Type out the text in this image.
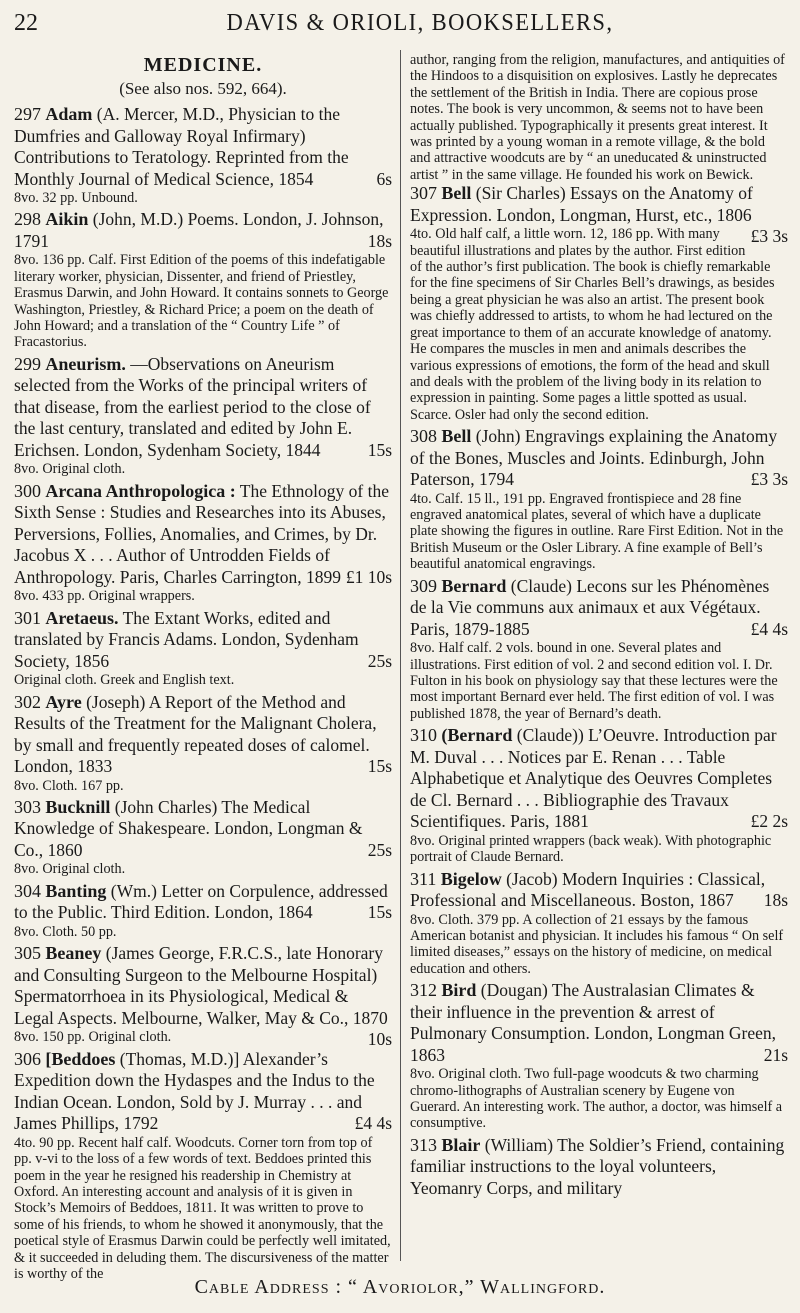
22	DAVIS & ORIOLI, BOOKSELLERS,

MEDICINE.

(See also nos. 592, 664).

297 Adam (A. Mercer, M.D., Physician to the Dumfries and Galloway Royal Infirmary) Contributions to Teratology. Reprinted from the Monthly Journal of Medical Science, 1854	6s

8vo. 32 pp. Unbound.

298 Aikin (John, M.D.) Poems. London, J. Johnson, 1791	18s

8vo. 136 pp. Calf. First Edition of the poems of this indefatigable literary worker, physician, Dissenter, and friend of Priestley, Erasmus Darwin, and John Howard. It contains sonnets to George Washington, Priestley, & Richard Price; a poem on the death of John Howard; and a translation of the “ Country Life ” of Fracastorius.

299 Aneurism. —Observations on Aneurism selected from the Works of the principal writers of that disease, from the earliest period to the close of the last century, translated and edited by John E. Erichsen. London, Sydenham Society, 1844	15s

8vo. Original cloth.

300 Arcana Anthropologica : The Ethnology of the Sixth Sense : Studies and Researches into its Abuses, Perversions, Follies, Anomalies, and Crimes, by Dr. Jacobus X . . . Author of Untrodden Fields of Anthropology. Paris, Charles Carrington, 1899 £1 10s

8vo. 433 pp. Original wrappers.

301 Aretaeus. The Extant Works, edited and translated by Francis Adams. London, Sydenham Society, 1856	25s

Original cloth. Greek and English text.

302 Ayre (Joseph) A Report of the Method and Results of the Treatment for the Malignant Cholera, by small and frequently repeated doses of calomel. London, 1833	15s

8vo. Cloth. 167 pp.

303 Bucknill (John Charles) The Medical Knowledge of Shakespeare. London, Longman & Co., 1860	25s

8vo. Original cloth.

304 Banting (Wm.) Letter on Corpulence, addressed to the Public. Third Edition. London, 1864	15s

8vo. Cloth. 50 pp.

305 Beaney (James George, F.R.C.S., late Honorary and Consulting Surgeon to the Melbourne Hospital) Spermatorrhoea in its Physiological, Medical & Legal Aspects. Melbourne, Walker, May & Co., 1870
10s

8vo. 150 pp. Original cloth.

306 [Beddoes (Thomas, M.D.)] Alexander’s Expedition down the Hydaspes and the Indus to the Indian Ocean. London, Sold by J. Murray . . . and James Phillips, 1792	£4 4s

4to. 90 pp. Recent half calf. Woodcuts. Corner torn from top of pp. v-vi to the loss of a few words of text. Beddoes printed this poem in the year he resigned his readership in Chemistry at Oxford. An interesting account and analysis of it is given in Stock’s Memoirs of Beddoes, 1811. It was written to prove to some of his friends, to whom he showed it anonymously, that the poetical style of Erasmus Darwin could be perfectly well imitated, & it succeeded in deluding them. The discursiveness of the matter is worthy of the

author, ranging from the religion, manufactures, and antiquities of the Hindoos to a disquisition on explosives. Lastly he deprecates the settlement of the British in India. There are copious prose notes. The book is very uncommon, & seems not to have been actually published. Typographically it presents great interest. It was printed by a young woman in a remote village, & the bold and attractive woodcuts are by “ an uneducated & uninstructed artist ” in the same village. He founded his work on Bewick.

307 Bell (Sir Charles) Essays on the Anatomy of Expression. London, Longman, Hurst, etc., 1806
£3 3s

4to. Old half calf, a little worn. 12, 186 pp. With many beautiful illustrations and plates by the author. First edition of the author’s first publication. The book is chiefly remarkable for the fine specimens of Sir Charles Bell’s drawings, as besides being a great physician he was also an artist. The present book was chiefly addressed to artists, to whom he had lectured on the great importance to them of an accurate knowledge of anatomy. He compares the muscles in men and animals describes the various expressions of emotions, the form of the head and skull and deals with the problem of the living body in its relation to expression in painting. Some pages a little spotted as usual. Scarce. Osler had only the second edition.

308 Bell (John) Engravings explaining the Anatomy of the Bones, Muscles and Joints. Edinburgh, John Paterson, 1794	£3 3s

4to. Calf. 15 ll., 191 pp. Engraved frontispiece and 28 fine engraved anatomical plates, several of which have a duplicate plate showing the figures in outline. Rare First Edition. Not in the British Museum or the Osler Library. A fine example of Bell’s beautiful anatomical engravings.

309 Bernard (Claude) Lecons sur les Phénomènes de la Vie communs aux animaux et aux Végétaux. Paris, 1879-1885	£4 4s

8vo. Half calf. 2 vols. bound in one. Several plates and illustrations. First edition of vol. 2 and second edition vol. I. Dr. Fulton in his book on physiology say that these lectures were the most important Bernard ever held. The first edition of vol. I was published 1878, the year of Bernard’s death.

310 (Bernard (Claude)) L’Oeuvre. Introduction par M. Duval . . . Notices par E. Renan . . . Table Alphabetique et Analytique des Oeuvres Completes de Cl. Bernard . . . Bibliographie des Travaux Scientifiques. Paris, 1881	£2 2s

8vo. Original printed wrappers (back weak). With photographic portrait of Claude Bernard.

311 Bigelow (Jacob) Modern Inquiries : Classical, Professional and Miscellaneous. Boston, 1867 18s

8vo. Cloth. 379 pp. A collection of 21 essays by the famous American botanist and physician. It includes his famous “ On self limited diseases,” essays on the history of medicine, on medical education and others.

312 Bird (Dougan) The Australasian Climates & their influence in the prevention & arrest of Pulmonary Consumption. London, Longman Green, 1863	21s

8vo. Original cloth. Two full-page woodcuts & two charming chromo-lithographs of Australian scenery by Eugene von Guerard. An interesting work. The author, a doctor, was himself a consumptive.

313 Blair (William) The Soldier’s Friend, containing familiar instructions to the loyal volunteers, Yeomanry Corps, and military

Cable Address : “ Avoriolor,” Wallingford.
